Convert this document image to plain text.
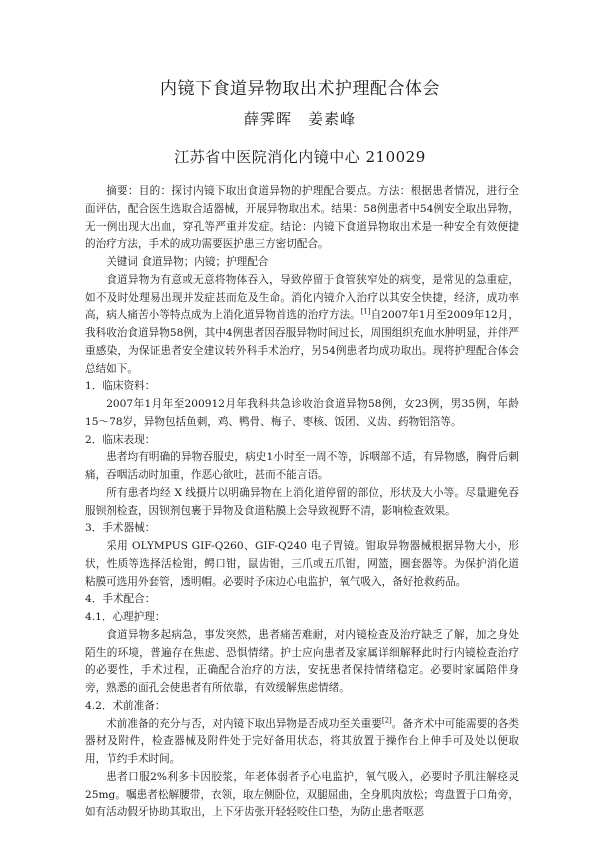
内镜下食道异物取出术护理配合体会
薛霁晖　姜素峰
江苏省中医院消化内镜中心 210029

摘要：目的：探讨内镜下取出食道异物的护理配合要点。方法：根据患者情况，进行全面评估，配合医生选取合适器械，开展异物取出术。结果：58例患者中54例安全取出异物，无一例出现大出血，穿孔等严重并发症。结论：内镜下食道异物取出术是一种安全有效便捷的治疗方法，手术的成功需要医护患三方密切配合。

关键词 食道异物；内镜；护理配合

食道异物为有意或无意将物体吞入，导致停留于食管狭窄处的病变，是常见的急重症，如不及时处理易出现并发症甚而危及生命。消化内镜介入治疗以其安全快捷，经济，成功率高，病人痛苦小等特点成为上消化道异物首选的治疗方法。[1]自2007年1月至2009年12月，我科收治食道异物58例，其中4例患者因吞服异物时间过长，周围组织充血水肿明显，并伴严重感染，为保证患者安全建议转外科手术治疗，另54例患者均成功取出。现将护理配合体会总结如下。

1．临床资料：

2007年1月年至200912月年我科共急诊收治食道异物58例，女23例，男35例，年龄 15～78岁，异物包括鱼刺，鸡、鸭骨、梅子、枣核、饭团、义齿、药物铝箔等。

2．临床表现：

患者均有明确的异物吞服史，病史1小时至一周不等，诉咽部不适，有异物感，胸骨后刺痛，吞咽活动时加重，作恶心欲吐，甚而不能言语。

所有患者均经 X 线摄片以明确异物在上消化道停留的部位，形状及大小等。尽量避免吞服钡剂检查，因钡剂包裹于异物及食道粘膜上会导致视野不清，影响检查效果。

3．手术器械：

采用 OLYMPUS GIF-Q260、GIF-Q240 电子胃镜。钳取异物器械根据异物大小，形状，性质等选择活检钳，鳄口钳，鼠齿钳，三爪或五爪钳，网篮，圈套器等。为保护消化道粘膜可选用外套管，透明帽。必要时予床边心电监护，氧气吸入，备好抢救药品。

4．手术配合：

4.1．心理护理：

食道异物多起病急，事发突然，患者痛苦难耐，对内镜检查及治疗缺乏了解，加之身处陌生的环境，普遍存在焦虑、恐惧情绪。护士应向患者及家属详细解释此时行内镜检查治疗的必要性，手术过程，正确配合治疗的方法，安抚患者保持情绪稳定。必要时家属陪伴身旁，熟悉的面孔会使患者有所依靠，有效缓解焦虑情绪。

4.2．术前准备：

术前准备的充分与否，对内镜下取出异物是否成功至关重要[2]。备齐术中可能需要的各类器材及附件，检查器械及附件处于完好备用状态，将其放置于操作台上伸手可及处以便取用，节约手术时间。

患者口服2%利多卡因胶浆，年老体弱者予心电监护，氧气吸入，必要时予肌注解痉灵25mg。嘱患者松解腰带，衣领，取左侧卧位，双腿屈曲，全身肌肉放松；弯盘置于口角旁，如有活动假牙协助其取出，上下牙齿张开轻轻咬住口垫，为防止患者呕恶
